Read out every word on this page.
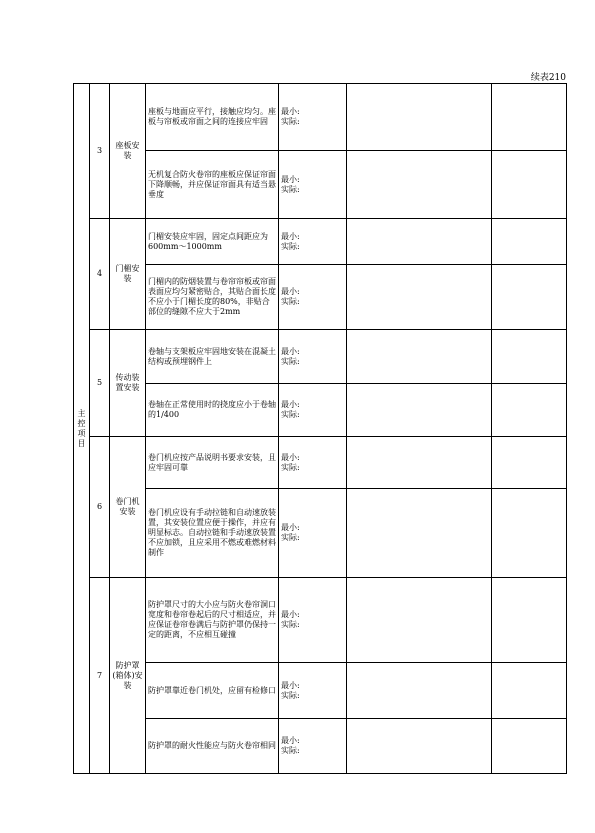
续表210
主控项目	3	座板安装	座板与地面应平行，接触应均匀。座板与帘板或帘面之间的连接应牢固	最小:
实际:		

			无机复合防火卷帘的座板应保证帘面下降顺畅，并应保证帘面具有适当悬垂度	最小:
实际:		

	4	门楣安装	门楣安装应牢固，固定点间距应为600mm～1000mm	最小:
实际:		

			门楣内的防烟装置与卷帘帘板或帘面表面应均匀紧密贴合，其贴合面长度不应小于门楣长度的80%，非贴合部位的缝隙不应大于2mm	最小:
实际:		

	5	传动装置安装	卷轴与支架板应牢固地安装在混凝土结构或预埋钢件上	最小:
实际:		

			卷轴在正常使用时的挠度应小于卷轴的1/400	最小:
实际:		

	6	卷门机安装	卷门机应按产品说明书要求安装，且应牢固可靠	最小:
实际:		

			卷门机应设有手动拉链和自动速放装置，其安装位置应便于操作，并应有明显标志。自动拉链和手动速放装置不应加锁，且应采用不燃或难燃材料制作	最小:
实际:		

	7	防护罩(箱体)安装	防护罩尺寸的大小应与防火卷帘洞口宽度和卷帘卷起后的尺寸相适应，并应保证卷帘卷满后与防护罩仍保持一定的距离，不应相互碰撞	最小:
实际:		

			防护罩靠近卷门机处，应留有检修口	最小:
实际:		

			防护罩的耐火性能应与防火卷帘相同	最小:
实际:		
